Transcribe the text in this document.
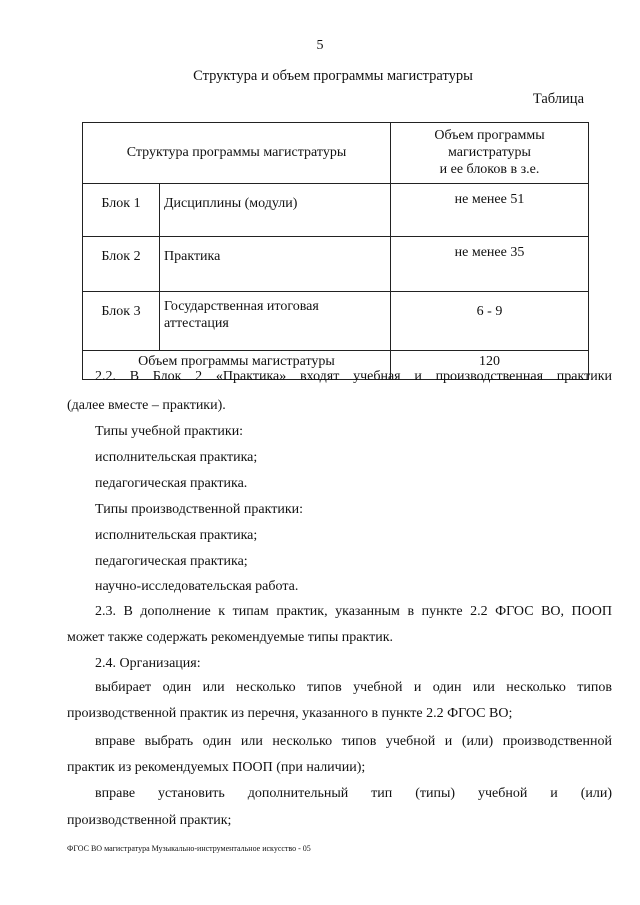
5
Структура и объем программы магистратуры
Таблица
Структура программы магистратуры		Объем программы
магистратуры
и ее блоков в з.е.

Блок 1	Дисциплины (модули)	не менее 51
Блок 2	Практика	не менее 35
Блок 3	Государственная итоговая аттестация	6 - 9
Объем программы магистратуры		120
2.2. В Блок 2 «Практика» входят учебная и производственная практики
(далее вместе – практики).
Типы учебной практики:
исполнительская практика;
педагогическая практика.
Типы производственной практики:
исполнительская практика;
педагогическая практика;
научно-исследовательская работа.
2.3. В дополнение к типам практик, указанным в пункте 2.2 ФГОС ВО, ПООП
может также содержать рекомендуемые типы практик.
2.4. Организация:
выбирает один или несколько типов учебной и один или несколько типов
производственной практик из перечня, указанного в пункте 2.2 ФГОС ВО;
вправе выбрать один или несколько типов учебной и (или) производственной
практик из рекомендуемых ПООП (при наличии);
вправе установить дополнительный тип (типы) учебной и (или)
производственной практик;
ФГОС ВО магистратура Музыкально-инструментальное искусство - 05
